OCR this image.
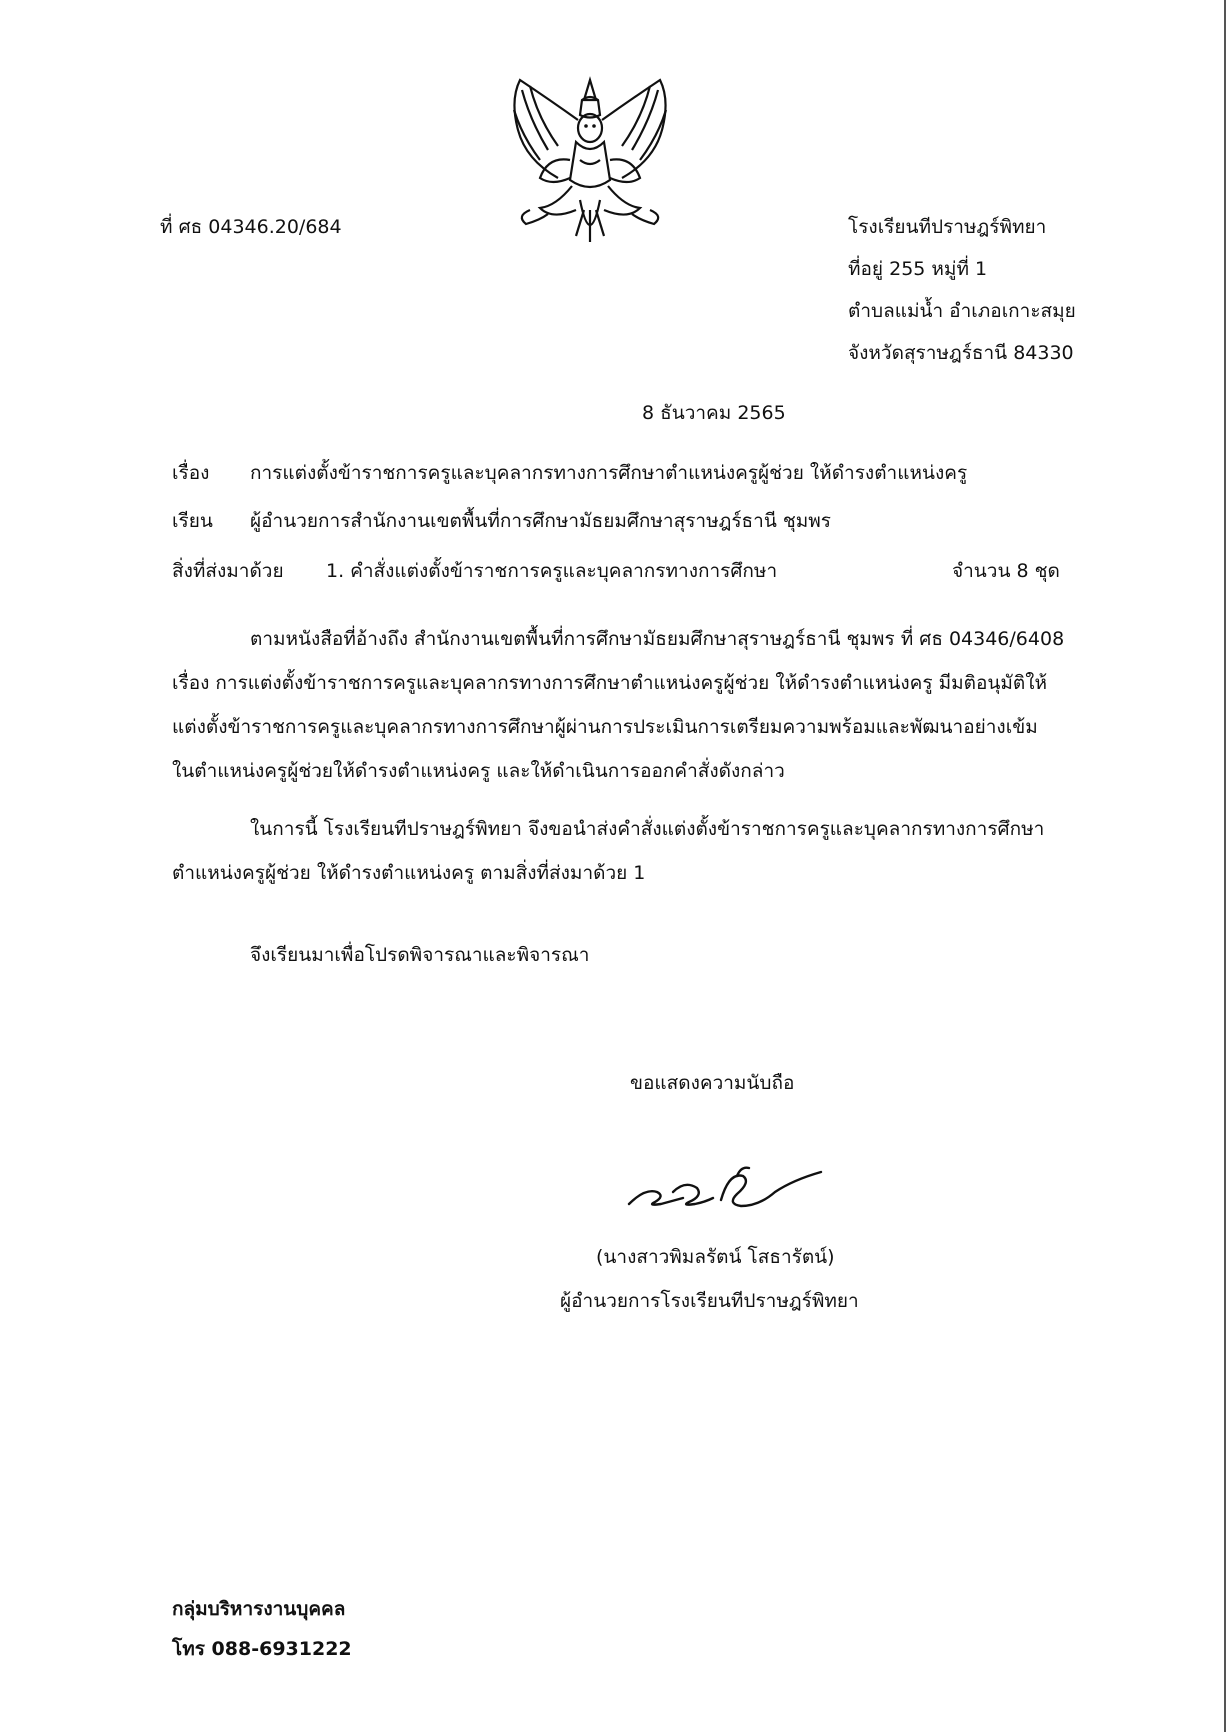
ที่ ศธ 04346.20/684	โรงเรียนทีปราษฎร์พิทยา
ที่อยู่ 255 หมู่ที่ 1
ตำบลแม่น้ำ อำเภอเกาะสมุย
จังหวัดสุราษฎร์ธานี 84330
8 ธันวาคม 2565
เรื่อง การแต่งตั้งข้าราชการครูและบุคลากรทางการศึกษาตำแหน่งครูผู้ช่วย ให้ดำรงตำแหน่งครู
เรียน ผู้อำนวยการสำนักงานเขตพื้นที่การศึกษามัธยมศึกษาสุราษฎร์ธานี ชุมพร
สิ่งที่ส่งมาด้วย 1. คำสั่งแต่งตั้งข้าราชการครูและบุคลากรทางการศึกษา	จำนวน 8 ชุด
ตามหนังสือที่อ้างถึง สำนักงานเขตพื้นที่การศึกษามัธยมศึกษาสุราษฎร์ธานี ชุมพร ที่ ศธ 04346/6408
เรื่อง การแต่งตั้งข้าราชการครูและบุคลากรทางการศึกษาตำแหน่งครูผู้ช่วย ให้ดำรงตำแหน่งครู มีมติอนุมัติให้
แต่งตั้งข้าราชการครูและบุคลากรทางการศึกษาผู้ผ่านการประเมินการเตรียมความพร้อมและพัฒนาอย่างเข้ม
ในตำแหน่งครูผู้ช่วยให้ดำรงตำแหน่งครู และให้ดำเนินการออกคำสั่งดังกล่าว
ในการนี้ โรงเรียนทีปราษฎร์พิทยา จึงขอนำส่งคำสั่งแต่งตั้งข้าราชการครูและบุคลากรทางการศึกษา
ตำแหน่งครูผู้ช่วย ให้ดำรงตำแหน่งครู ตามสิ่งที่ส่งมาด้วย 1
จึงเรียนมาเพื่อโปรดพิจารณาและพิจารณา
ขอแสดงความนับถือ
(นางสาวพิมลรัตน์ โสธารัตน์)
ผู้อำนวยการโรงเรียนทีปราษฎร์พิทยา
กลุ่มบริหารงานบุคคล
โทร 088-6931222
